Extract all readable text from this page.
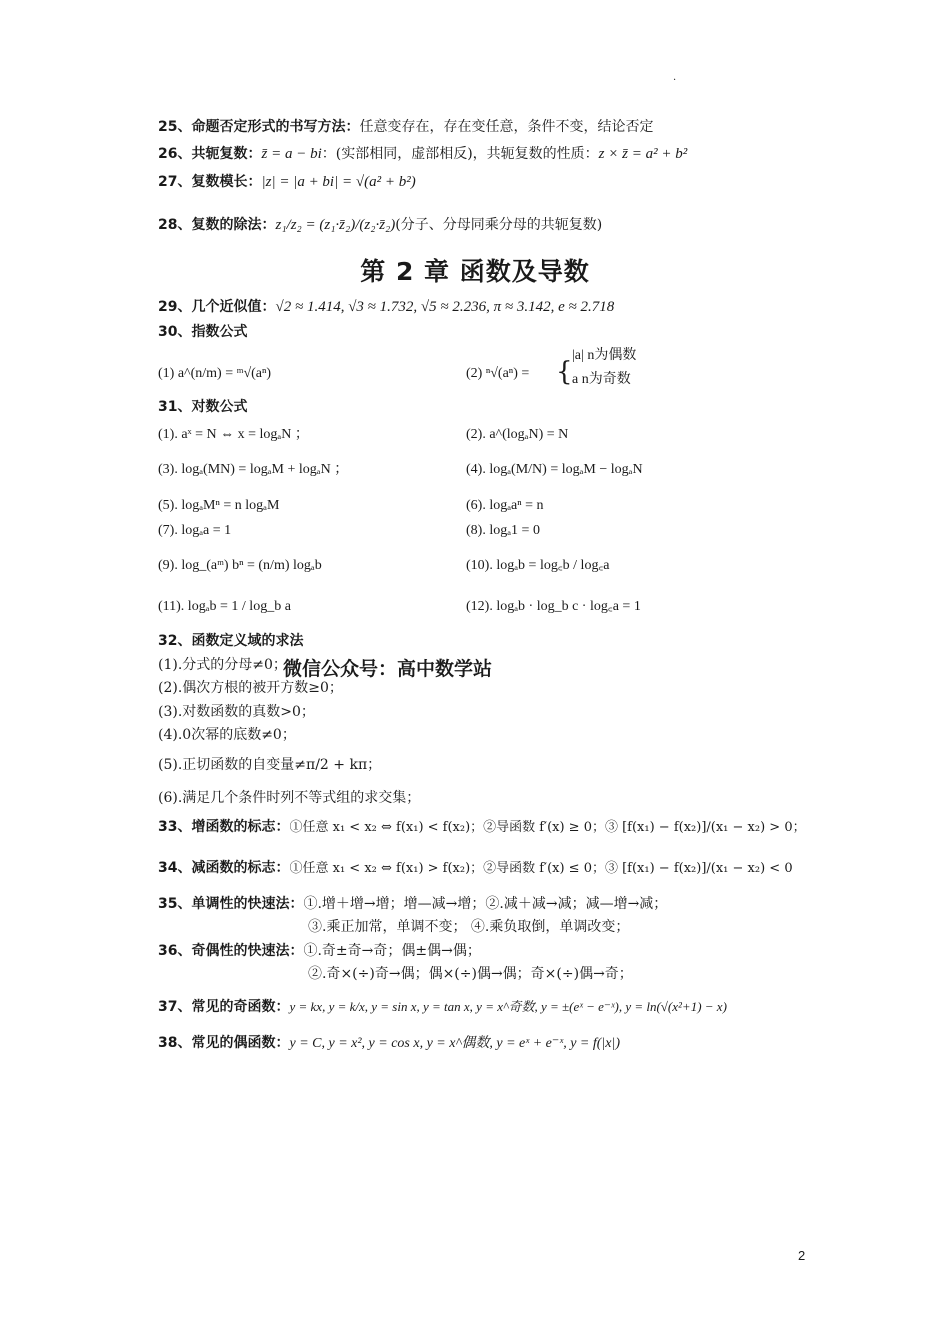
.
25、命题否定形式的书写方法：任意变存在，存在变任意，条件不变，结论否定
26、共轭复数：z̄ = a − bi：(实部相同，虚部相反)，共轭复数的性质：z × z̄ = a² + b²
27、复数模长：|z| = |a + bi| = √(a² + b²)
28、复数的除法：z₁/z₂ = (z₁·z̄₂)/(z₂·z̄₂)(分子、分母同乘分母的共轭复数)
第 2 章 函数及导数
29、几个近似值：√2 ≈ 1.414, √3 ≈ 1.732, √5 ≈ 2.236, π ≈ 3.142, e ≈ 2.718
30、指数公式
(1) a^(n/m) = ᵐ√(aⁿ)	(2) ⁿ√(aⁿ) = {
|a| n为偶数
a n为奇数
31、对数公式
(1). aˣ = N ⇔ x = logₐN ；	(2). a^(logₐN) = N
(3). logₐ(MN) = logₐM + logₐN ；	(4). logₐ(M/N) = logₐM − logₐN
(5). logₐMⁿ = n logₐM	(6). logₐaⁿ = n
(7). logₐa = 1	(8). logₐ1 = 0
(9). log_(aᵐ) bⁿ = (n/m) logₐb	(10). logₐb = log꜀b / log꜀a
(11). logₐb = 1 / log_b a	(12). logₐb · log_b c · log꜀a = 1
32、函数定义域的求法
(1).分式的分母≠0；
微信公众号：高中数学站
(2).偶次方根的被开方数≥0；
(3).对数函数的真数>0；
(4).0次幂的底数≠0；
(5).正切函数的自变量≠π/2 + kπ；
(6).满足几个条件时列不等式组的求交集；
33、增函数的标志：①任意 x₁ < x₂ ⇔ f(x₁) < f(x₂)；②导函数 f′(x) ≥ 0；③ [f(x₁) − f(x₂)]/(x₁ − x₂) > 0；
34、减函数的标志：①任意 x₁ < x₂ ⇔ f(x₁) > f(x₂)；②导函数 f′(x) ≤ 0；③ [f(x₁) − f(x₂)]/(x₁ − x₂) < 0
35、单调性的快速法：①.增＋增→增；增—减→增；②.减＋减→减；减—增→减；
③.乘正加常，单调不变； ④.乘负取倒，单调改变；
36、奇偶性的快速法：①.奇±奇→奇；偶±偶→偶；
②.奇×(÷)奇→偶；偶×(÷)偶→偶；奇×(÷)偶→奇；
37、常见的奇函数：y = kx, y = k/x, y = sin x, y = tan x, y = x^奇数, y = ±(eˣ − e⁻ˣ), y = ln(√(x²+1) − x)
38、常见的偶函数：y = C, y = x², y = cos x, y = x^偶数, y = eˣ + e⁻ˣ, y = f(|x|)
2
